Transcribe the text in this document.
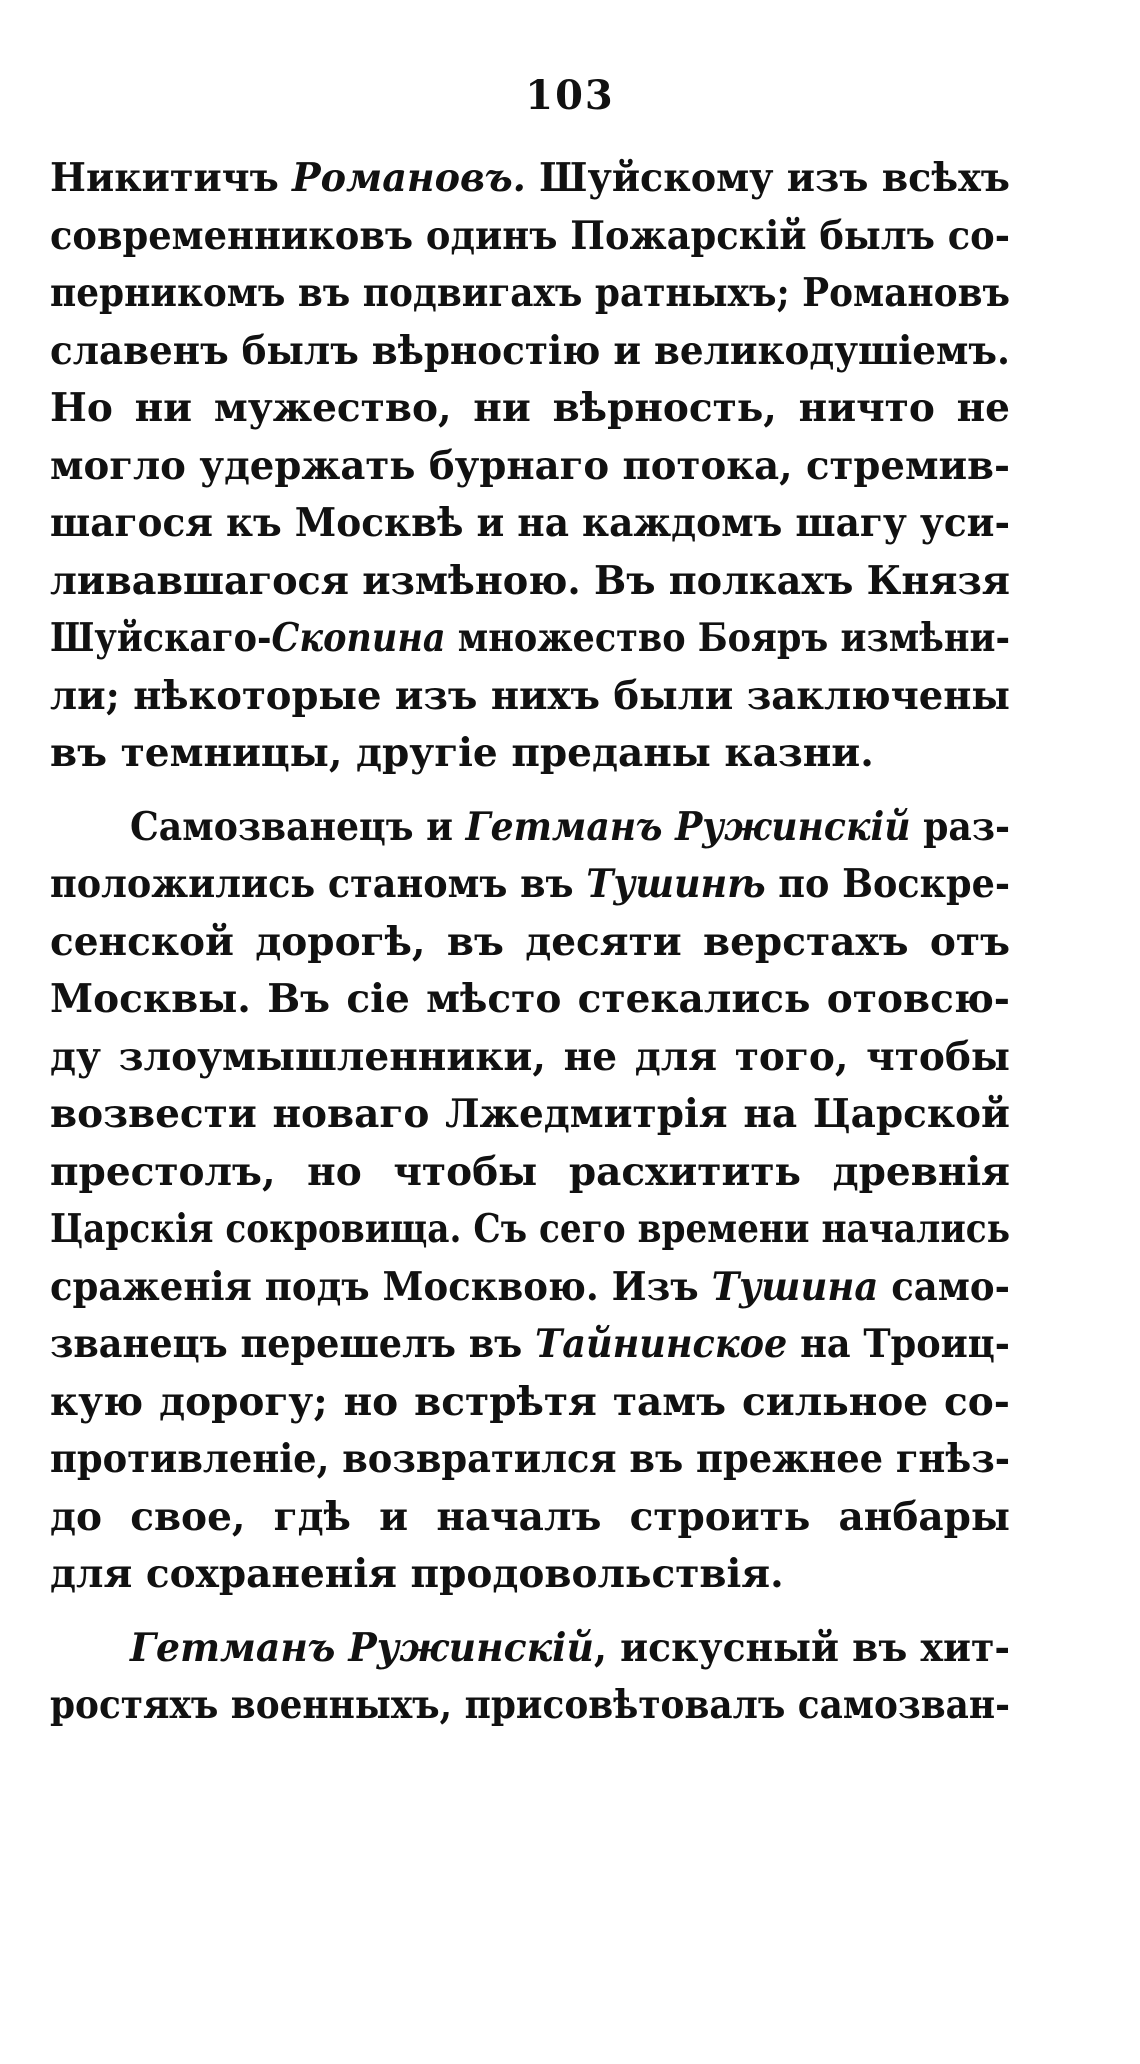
103
Никитичъ Романовъ. Шуйскому изъ всѣхъ
современниковъ одинъ Пожарскій былъ со-
перникомъ въ подвигахъ ратныхъ; Романовъ
славенъ былъ вѣрностію и великодушіемъ.
Но ни мужество, ни вѣрность, ничто не
могло удержать бурнаго потока, стремив-
шагося къ Москвѣ и на каждомъ шагу уси-
ливавшагося измѣною. Въ полкахъ Князя
Шуйскаго-Скопина множество Бояръ измѣни-
ли; нѣкоторые изъ нихъ были заключены
въ темницы, другіе преданы казни.
Самозванецъ и Гетманъ Ружинскій раз-
положились станомъ въ Тушинѣ по Воскре-
сенской дорогѣ, въ десяти верстахъ отъ
Москвы. Въ сіе мѣсто стекались отовсю-
ду злоумышленники, не для того, чтобы
возвести новаго Лжедмитрія на Царской
престолъ, но чтобы расхитить древнія
Царскія сокровища. Съ сего времени начались
сраженія подъ Москвою. Изъ Тушина само-
званецъ перешелъ въ Тайнинское на Троиц-
кую дорогу; но встрѣтя тамъ сильное со-
противленіе, возвратился въ прежнее гнѣз-
до свое, гдѣ и началъ строить анбары
для сохраненія продовольствія.
Гетманъ Ружинскій, искусный въ хит-
ростяхъ военныхъ, присовѣтовалъ самозван-
